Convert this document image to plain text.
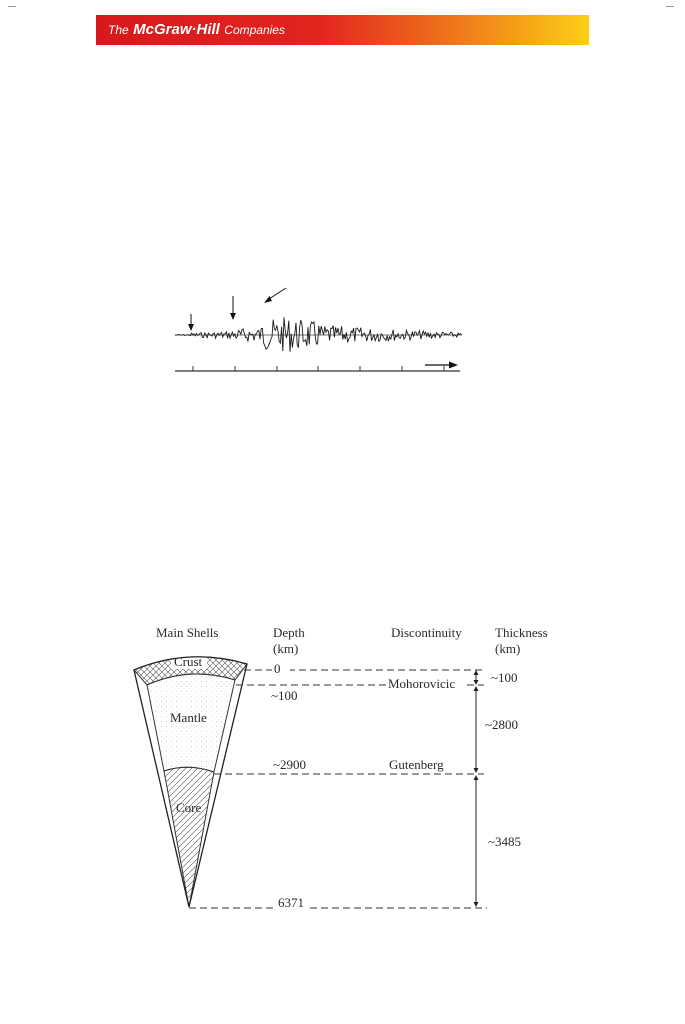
The McGraw·Hill Companies
Main Shells	Depth
(km)
Discontinuity	Thickness
(km)
Crust
Mantle
Core
0
~100
~2900
6371
Mohorovicic
Gutenberg
~100
~2800
~3485
